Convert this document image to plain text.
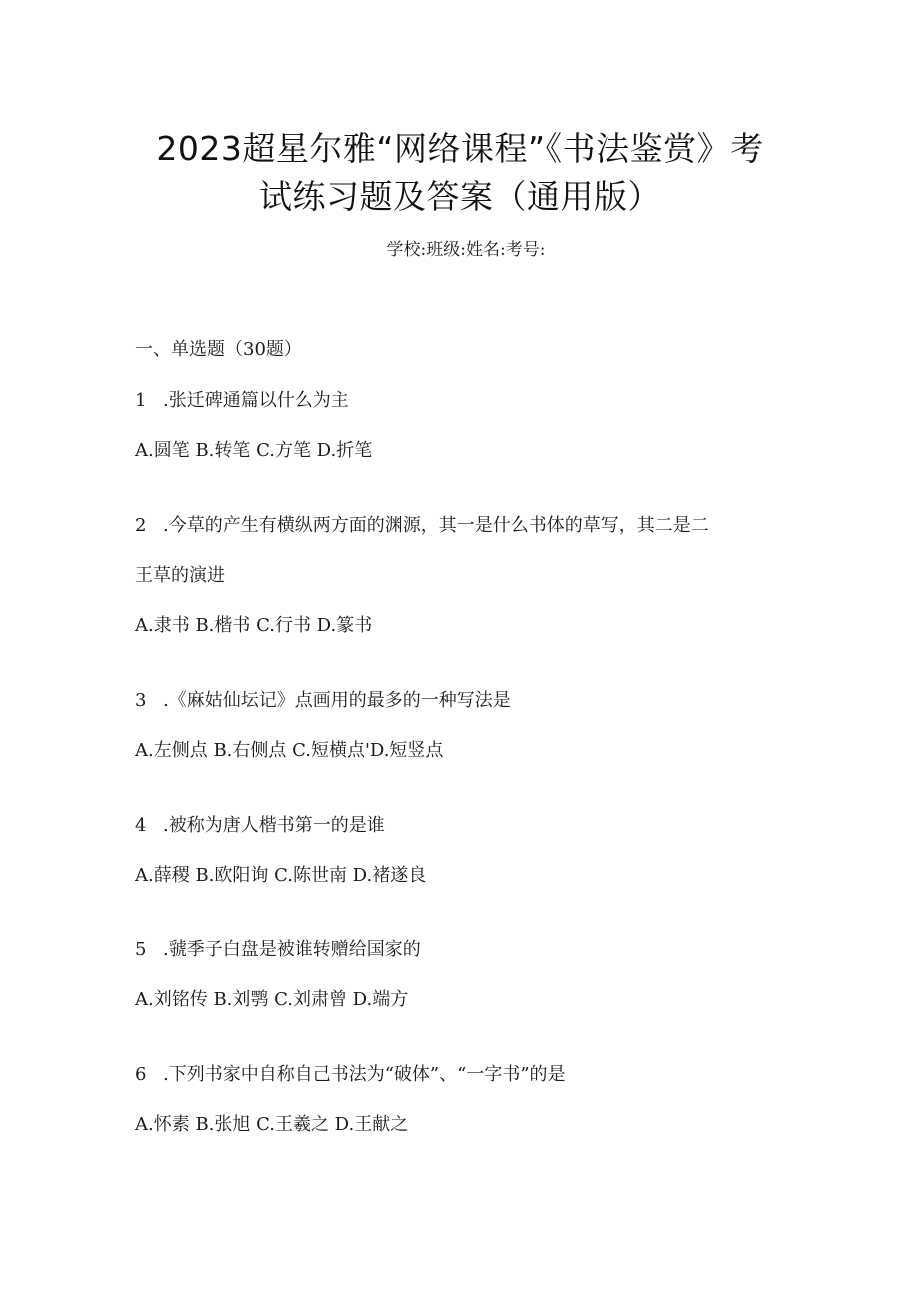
2023超星尔雅“网络课程”《书法鉴赏》考
试练习题及答案（通用版）
学校:班级:姓名:考号:
一、单选题（30题）
1 .张迁碑通篇以什么为主
A.圆笔 B.转笔 C.方笔 D.折笔
2 .今草的产生有横纵两方面的渊源，其一是什么书体的草写，其二是二
王草的演进
A.隶书 B.楷书 C.行书 D.篆书
3 .《麻姑仙坛记》点画用的最多的一种写法是
A.左侧点 B.右侧点 C.短横点'D.短竖点
4 .被称为唐人楷书第一的是谁
A.薛稷 B.欧阳询 C.陈世南 D.褚遂良
5 .虢季子白盘是被谁转赠给国家的
A.刘铭传 B.刘鹗 C.刘肃曾 D.端方
6 .下列书家中自称自己书法为“破体”、“一字书”的是
A.怀素 B.张旭 C.王羲之 D.王献之
